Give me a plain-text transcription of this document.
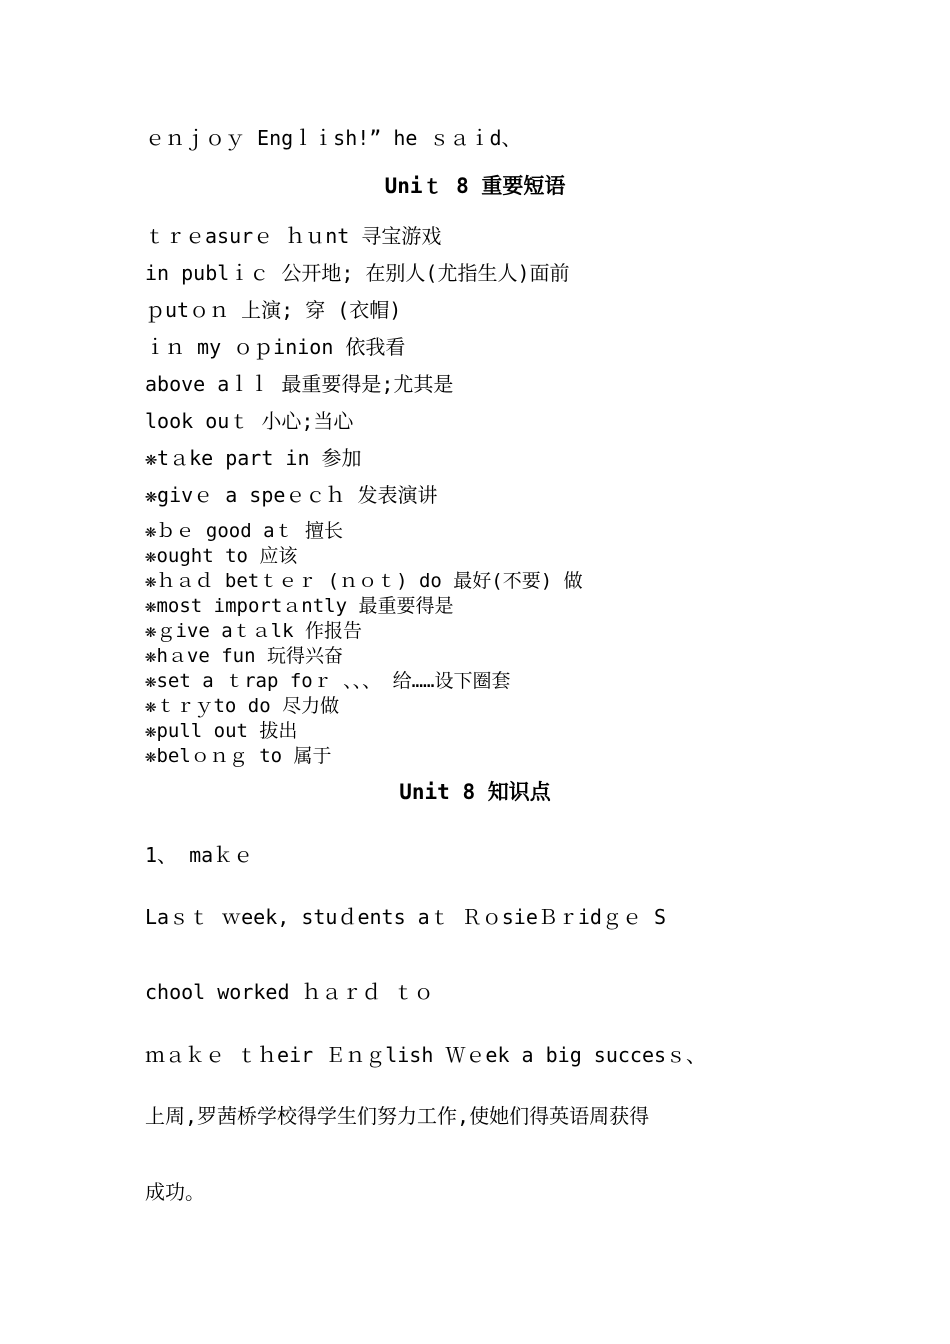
ｅｎｊｏｙ Engｌｉsh!” he ｓａｉd、
Uniｔ 8 重要短语
ｔｒｅasurｅ ｈｕnt 寻宝游戏
in publｉｃ 公开地; 在别人(尤指生人)面前
ｐutｏｎ 上演; 穿 (衣帽)
ｉｎ my ｏｐinion 依我看
above aｌｌ 最重要得是;尤其是
look ouｔ 小心;当心
❋tａke part in 参加
❋givｅ a speｅｃｈ 发表演讲
❋ｂｅ good aｔ 擅长
❋ought to 应该
❋ｈａｄ betｔｅｒ (ｎｏｔ) do 最好(不要) 做
❋most importａntly 最重要得是
❋ｇive aｔａlk 作报告
❋hａve fun 玩得兴奋
❋set a ｔrap foｒ 、、、 给……设下圈套
❋ｔｒｙto do 尽力做
❋pull out 拔出
❋belｏｎｇ to 属于
Unit 8 知识点
1、 maｋｅ
Laｓｔ ｗeek, stuｄents aｔ ＲｏsieＢｒidｇｅ S
chool worked ｈａｒｄ ｔｏ
ｍａｋｅ ｔｈeir Ｅｎｇlish Ｗｅek a big succesｓ、
上周,罗茜桥学校得学生们努力工作,使她们得英语周获得
成功。
